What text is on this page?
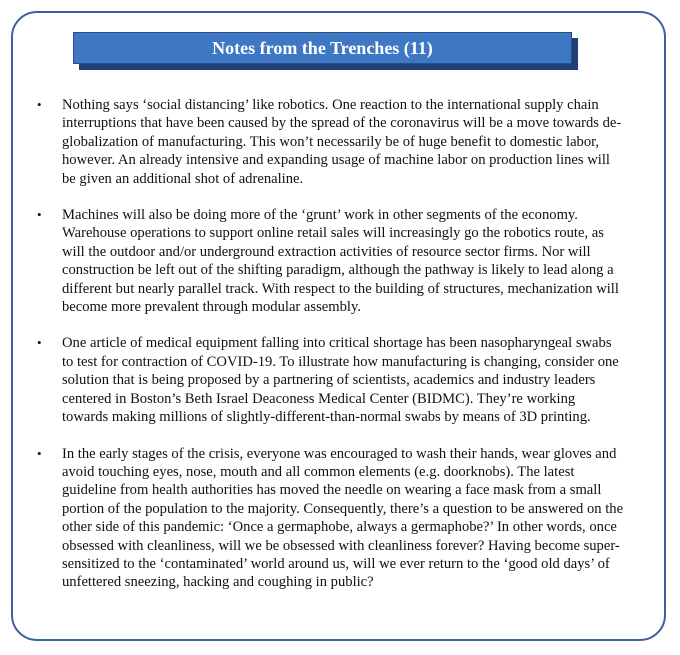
Notes from the Trenches (11)
• Nothing says ‘social distancing’ like robotics. One reaction to the international supply chain interruptions that have been caused by the spread of the coronavirus will be a move towards de-globalization of manufacturing. This won’t necessarily be of huge benefit to domestic labor, however. An already intensive and expanding usage of machine labor on production lines will be given an additional shot of adrenaline.
• Machines will also be doing more of the ‘grunt’ work in other segments of the economy. Warehouse operations to support online retail sales will increasingly go the robotics route, as will the outdoor and/or underground extraction activities of resource sector firms. Nor will construction be left out of the shifting paradigm, although the pathway is likely to lead along a different but nearly parallel track. With respect to the building of structures, mechanization will become more prevalent through modular assembly.
• One article of medical equipment falling into critical shortage has been nasopharyngeal swabs to test for contraction of COVID-19. To illustrate how manufacturing is changing, consider one solution that is being proposed by a partnering of scientists, academics and industry leaders centered in Boston’s Beth Israel Deaconess Medical Center (BIDMC). They’re working towards making millions of slightly-different-than-normal swabs by means of 3D printing.
• In the early stages of the crisis, everyone was encouraged to wash their hands, wear gloves and avoid touching eyes, nose, mouth and all common elements (e.g. doorknobs). The latest guideline from health authorities has moved the needle on wearing a face mask from a small portion of the population to the majority. Consequently, there’s a question to be answered on the other side of this pandemic: ‘Once a germaphobe, always a germaphobe?’ In other words, once obsessed with cleanliness, will we be obsessed with cleanliness forever? Having become super-sensitized to the ‘contaminated’ world around us, will we ever return to the ‘good old days’ of unfettered sneezing, hacking and coughing in public?
